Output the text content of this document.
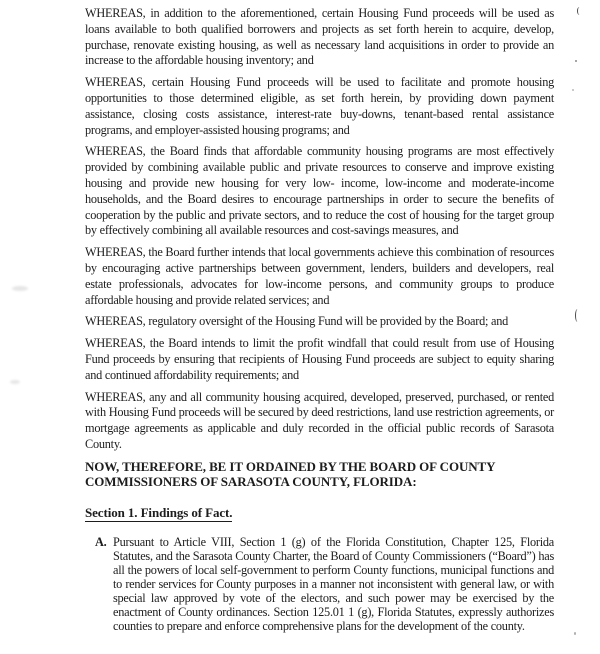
WHEREAS, in addition to the aforementioned, certain Housing Fund proceeds will be used as loans available to both qualified borrowers and projects as set forth herein to acquire, develop, purchase, renovate existing housing, as well as necessary land acquisitions in order to provide an increase to the affordable housing inventory; and

WHEREAS, certain Housing Fund proceeds will be used to facilitate and promote housing opportunities to those determined eligible, as set forth herein, by providing down payment assistance, closing costs assistance, interest-rate buy-downs, tenant-based rental assistance programs, and employer-assisted housing programs; and

WHEREAS, the Board finds that affordable community housing programs are most effectively provided by combining available public and private resources to conserve and improve existing housing and provide new housing for very low- income, low-income and moderate-income households, and the Board desires to encourage partnerships in order to secure the benefits of cooperation by the public and private sectors, and to reduce the cost of housing for the target group by effectively combining all available resources and cost-savings measures, and

WHEREAS, the Board further intends that local governments achieve this combination of resources by encouraging active partnerships between government, lenders, builders and developers, real estate professionals, advocates for low-income persons, and community groups to produce affordable housing and provide related services; and

WHEREAS, regulatory oversight of the Housing Fund will be provided by the Board; and

WHEREAS, the Board intends to limit the profit windfall that could result from use of Housing Fund proceeds by ensuring that recipients of Housing Fund proceeds are subject to equity sharing and continued affordability requirements; and

WHEREAS, any and all community housing acquired, developed, preserved, purchased, or rented with Housing Fund proceeds will be secured by deed restrictions, land use restriction agreements, or mortgage agreements as applicable and duly recorded in the official public records of Sarasota County.

NOW, THEREFORE, BE IT ORDAINED BY THE BOARD OF COUNTY
COMMISSIONERS OF SARASOTA COUNTY, FLORIDA:
Section 1. Findings of Fact.
A. Pursuant to Article VIII, Section 1 (g) of the Florida Constitution, Chapter 125, Florida Statutes, and the Sarasota County Charter, the Board of County Commissioners (“Board”) has all the powers of local self-government to perform County functions, municipal functions and to render services for County purposes in a manner not inconsistent with general law, or with special law approved by vote of the electors, and such power may be exercised by the enactment of County ordinances. Section 125.01 1 (g), Florida Statutes, expressly authorizes counties to prepare and enforce comprehensive plans for the development of the county.
